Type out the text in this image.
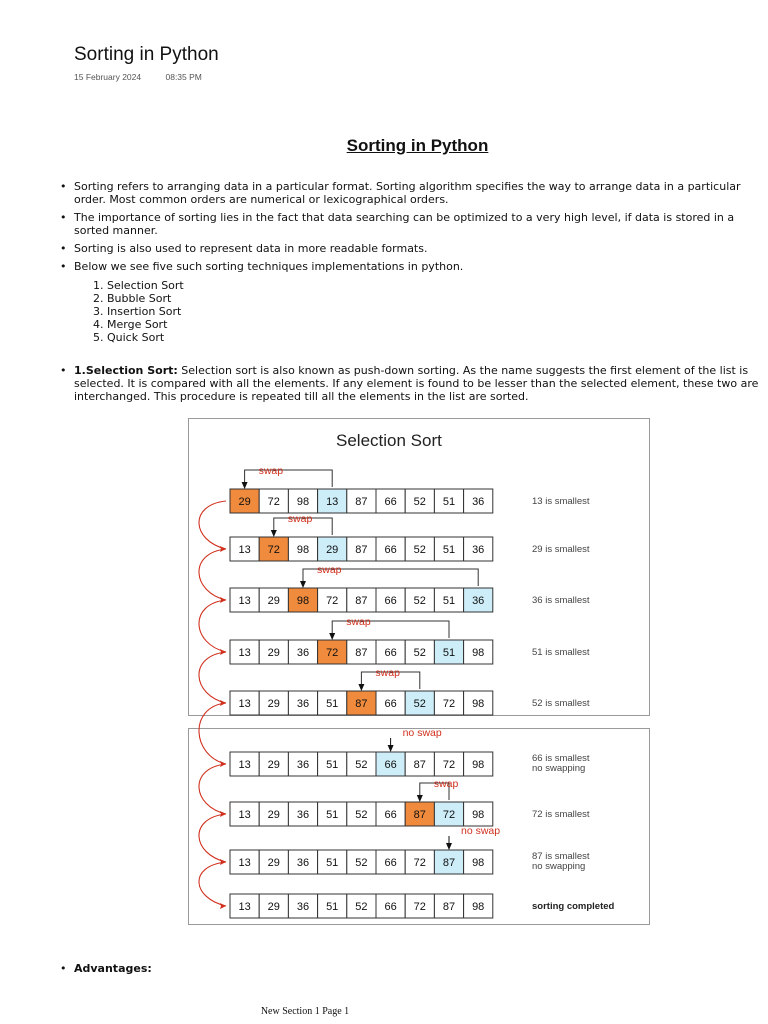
Sorting in Python
15 February 2024	08:35 PM
Sorting in Python
• Sorting refers to arranging data in a particular format. Sorting algorithm specifies the way to arrange data in a particular order. Most common orders are numerical or lexicographical orders.
• The importance of sorting lies in the fact that data searching can be optimized to a very high level, if data is stored in a sorted manner.
• Sorting is also used to represent data in more readable formats.
• Below we see five such sorting techniques implementations in python.
1. Selection Sort
2. Bubble Sort
3. Insertion Sort
4. Merge Sort
5. Quick Sort
• 1.Selection Sort: Selection sort is also known as push-down sorting. As the name suggests the first element of the list is selected. It is compared with all the elements. If any element is found to be lesser than the selected element, these two are interchanged. This procedure is repeated till all the elements in the list are sorted.
Selection Sort
29 72 98 13 87 66 52 51 36
swap
13 is smallest
13 72 98 29 87 66 52 51 36
swap
29 is smallest
13 29 98 72 87 66 52 51 36
swap
36 is smallest
13 29 36 72 87 66 52 51 98
swap
51 is smallest
13 29 36 51 87 66 52 72 98
swap
52 is smallest
13 29 36 51 52 66 87 72 98
no swap
66 is smallest
no swapping
13 29 36 51 52 66 87 72 98
swap
72 is smallest
13 29 36 51 52 66 72 87 98
no swap
87 is smallest
no swapping
13 29 36 51 52 66 72 87 98	sorting completed
• Advantages:
New Section 1 Page 1
